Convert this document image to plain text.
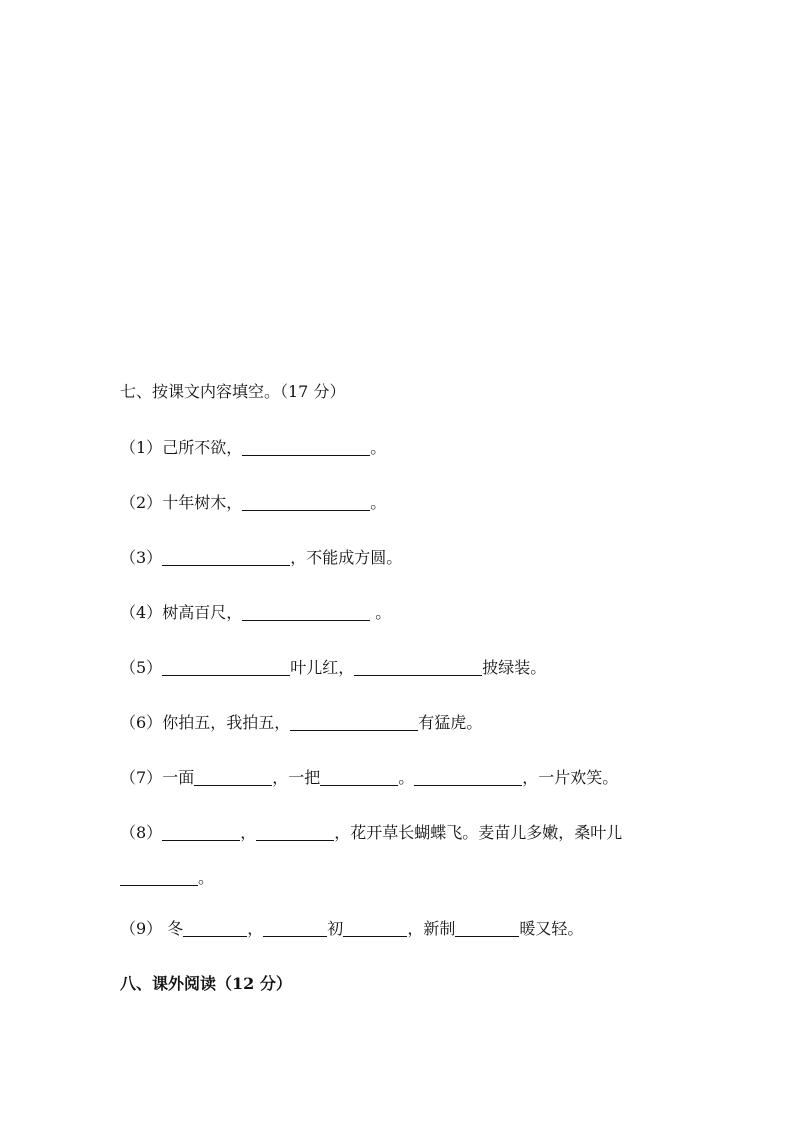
七、按课文内容填空。（17 分）
（1）己所不欲，	。
（2）十年树木，	。
（3）	，不能成方圆。
（4）树高百尺，	。
（5）	叶儿红，	披绿装。
（6）你拍五，我拍五，	有猛虎。
（7）一面	，一把	。	，一片欢笑。
（8）	，	，花开草长蝴蝶飞。麦苗儿多嫩，桑叶儿
。
（9） 冬	，	初	，新制	暖又轻。
八、课外阅读（12 分）
